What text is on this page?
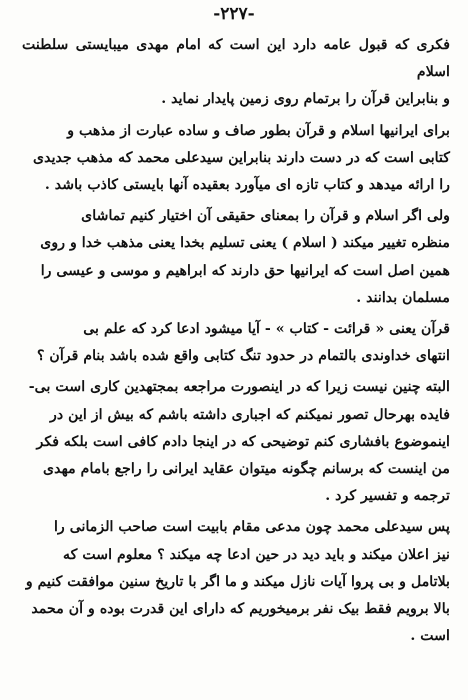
-۲۲۷-

فکری که قبول عامه دارد این است که امام مهدی میبایستی سلطنت اسلام
و بنابراین قرآن را برتمام روی زمین پایدار نماید .

برای ایرانیها اسلام و قرآن بطور صاف و ساده عبارت از مذهب و
کتابی است که در دست دارند بنابراین سیدعلی محمد که مذهب جدیدی
را ارائه میدهد و کتاب تازه ای میآورد بعقیده آنها بایستی کاذب باشد .

ولی اگر اسلام و قرآن را بمعنای حقیقی آن اختیار کنیم تماشای
منظره تغییر میکند ( اسلام ) یعنی تسلیم بخدا یعنی مذهب خدا و روی
همین اصل است که ایرانیها حق دارند که ابراهیم و موسی و عیسی را
مسلمان بدانند .

قرآن یعنی « قرائت - کتاب » - آیا میشود ادعا کرد که علم بی
انتهای خداوندی بالتمام در حدود تنگ کتابی واقع شده باشد بنام قرآن ؟

البته چنین نیست زیرا که در اینصورت مراجعه بمجتهدین کاری است بی-
فایده بهرحال تصور نمیکنم که اجباری داشته باشم که بیش از این در
اینموضوع بافشاری کنم توضیحی که در اینجا دادم کافی است بلکه فکر
من اینست که برسانم چگونه میتوان عقاید ایرانی را راجع بامام مهدی
ترجمه و تفسیر کرد .

پس سیدعلی محمد چون مدعی مقام بابیت است صاحب الزمانی را
نیز اعلان میکند و باید دید در حین ادعا چه میکند ؟ معلوم است که
بلاتامل و بی پروا آیات نازل میکند و ما اگر با تاریخ سنین موافقت کنیم و
بالا برویم فقط بیک نفر برمیخوریم که دارای این قدرت بوده و آن محمد
است .
